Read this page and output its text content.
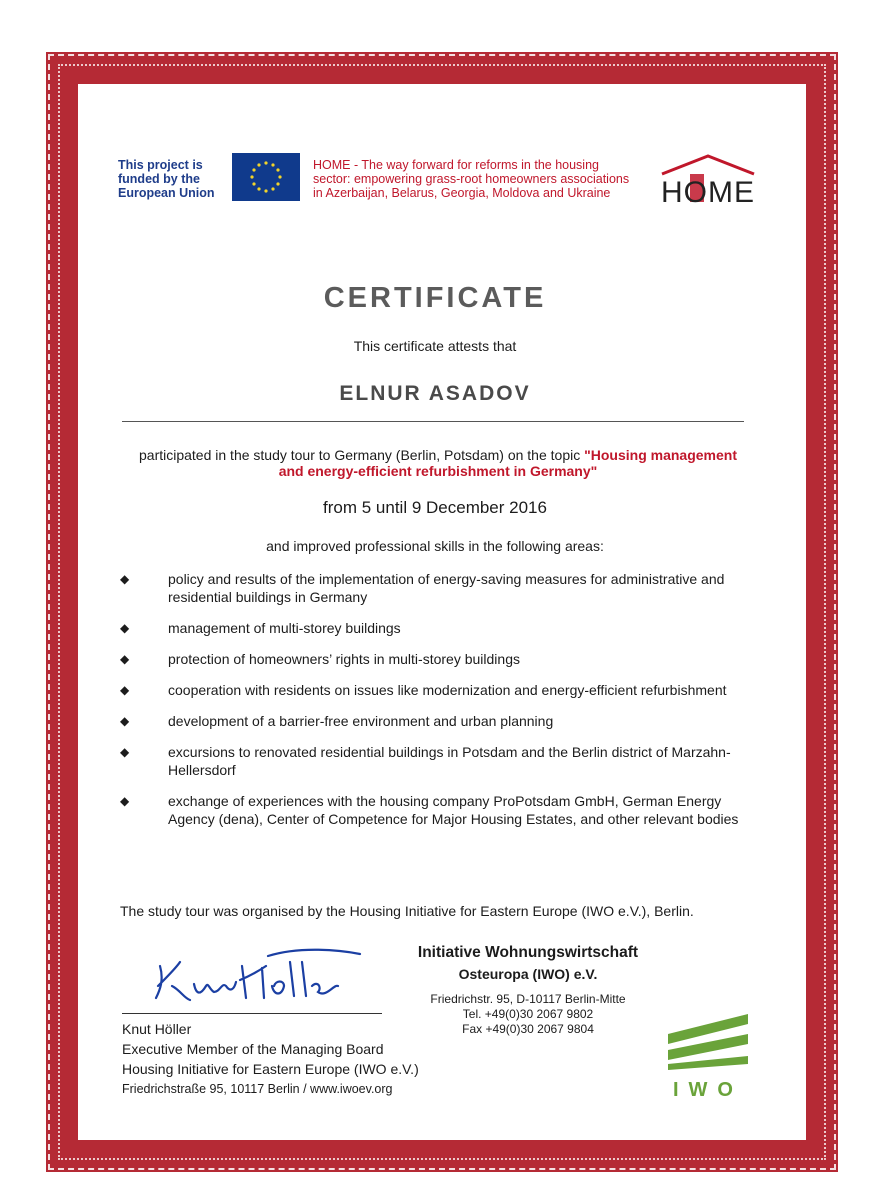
This project is
funded by the
European Union
HOME - The way forward for reforms in the housing
sector: empowering grass-root homeowners associations
in Azerbaijan, Belarus, Georgia, Moldova and Ukraine	HOME
CERTIFICATE
This certificate attests that
ELNUR ASADOV
participated in the study tour to Germany (Berlin, Potsdam) on the topic "Housing management and energy-efficient refurbishment in Germany"
from 5 until 9 December 2016
and improved professional skills in the following areas:
◆	policy and results of the implementation of energy-saving measures for administrative and residential buildings in Germany
◆	management of multi-storey buildings
◆	protection of homeowners’ rights in multi-storey buildings
◆	cooperation with residents on issues like modernization and energy-efficient refurbishment
◆	development of a barrier-free environment and urban planning
◆	excursions to renovated residential buildings in Potsdam and the Berlin district of Marzahn-Hellersdorf
◆	exchange of experiences with the housing company ProPotsdam GmbH, German Energy Agency (dena), Center of Competence for Major Housing Estates, and other relevant bodies
The study tour was organised by the Housing Initiative for Eastern Europe (IWO e.V.), Berlin.
Knut Höller
Executive Member of the Managing Board
Housing Initiative for Eastern Europe (IWO e.V.)
Friedrichstraße 95, 10117 Berlin / www.iwoev.org
Initiative Wohnungswirtschaft
Osteuropa (IWO) e.V.
Friedrichstr. 95, D-10117 Berlin-Mitte
Tel. +49(0)30 2067 9802
Fax +49(0)30 2067 9804
IWO
